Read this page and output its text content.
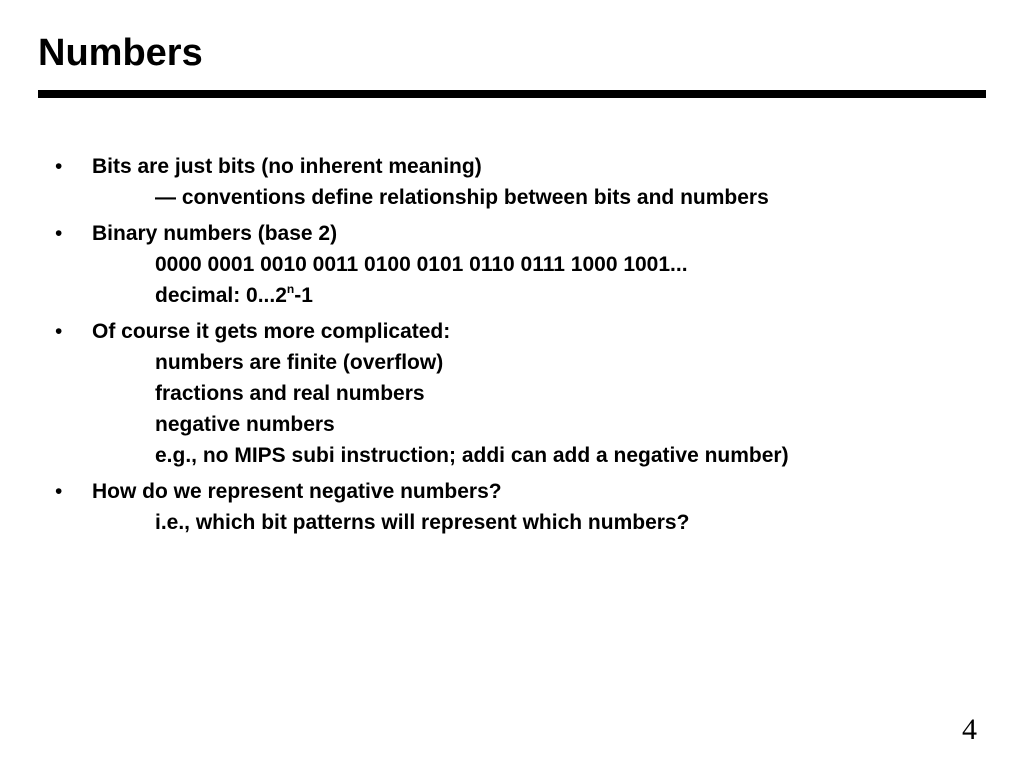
Numbers
• Bits are just bits (no inherent meaning)
— conventions define relationship between bits and numbers
• Binary numbers (base 2)
0000 0001 0010 0011 0100 0101 0110 0111 1000 1001...
decimal: 0...2$^n$-1
• Of course it gets more complicated:
numbers are finite (overflow)
fractions and real numbers
negative numbers
e.g., no MIPS subi instruction; addi can add a negative number)
• How do we represent negative numbers?
i.e., which bit patterns will represent which numbers?
4
